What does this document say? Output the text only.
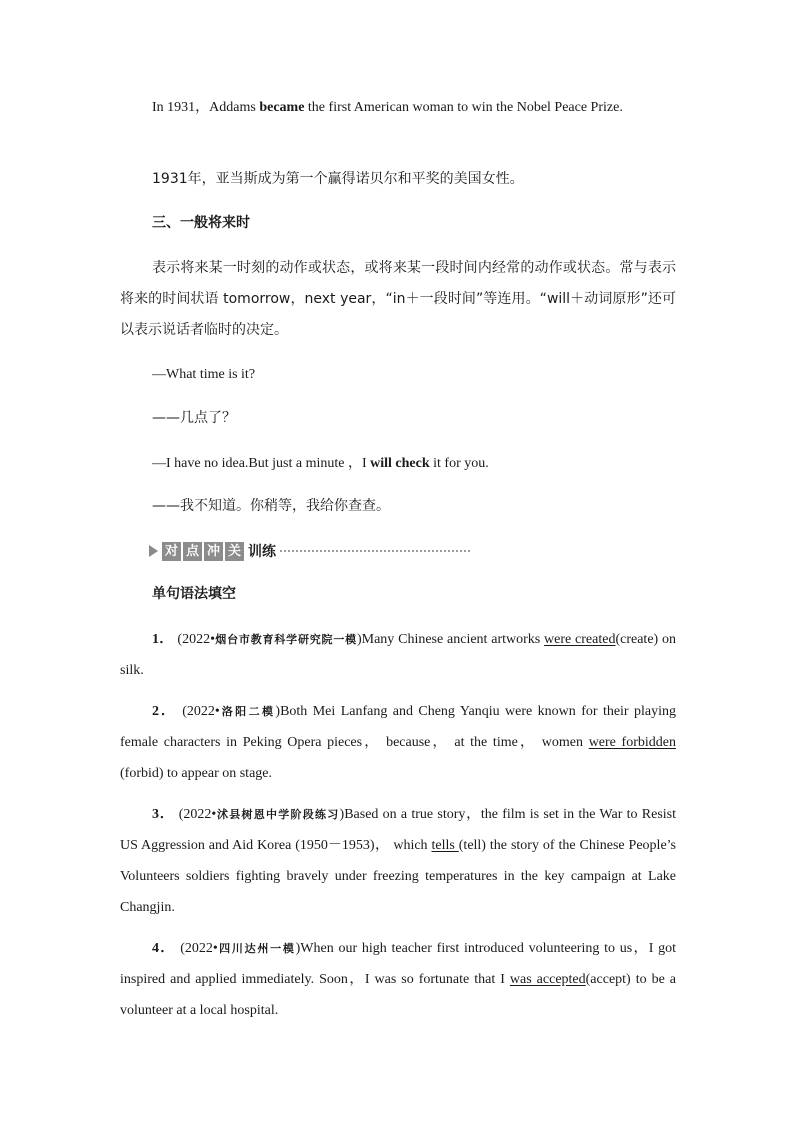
In 1931，Addams became the first American woman to win the Nobel Peace Prize.
1931年，亚当斯成为第一个赢得诺贝尔和平奖的美国女性。
三、一般将来时
表示将来某一时刻的动作或状态，或将来某一段时间内经常的动作或状态。常与表示将来的时间状语 tomorrow，next year，“in＋一段时间”等连用。“will＋动词原形”还可以表示说话者临时的决定。
—What time is it?
——几点了？
—I have no idea.But just a minute ，I will check it for you.
——我不知道。你稍等，我给你查查。
对 点 冲 关 训练
单句语法填空
1． (2022•烟台市教育科学研究院一模)Many Chinese ancient artworks were created(create) on silk.
2． (2022•洛阳二模)Both Mei Lanfang and Cheng Yanqiu were known for their playing female characters in Peking Opera pieces， because， at the time， women were forbidden (forbid) to appear on stage.
3． (2022•沭县树恩中学阶段练习)Based on a true story，the film is set in the War to Resist US Aggression and Aid Korea (1950－1953)， which tells (tell) the story of the Chinese People’s Volunteers soldiers fighting bravely under freezing temperatures in the key campaign at Lake Changjin.
4． (2022•四川达州一模)When our high teacher first introduced volunteering to us，I got inspired and applied immediately. Soon，I was so fortunate that I was accepted(accept) to be a volunteer at a local hospital.
